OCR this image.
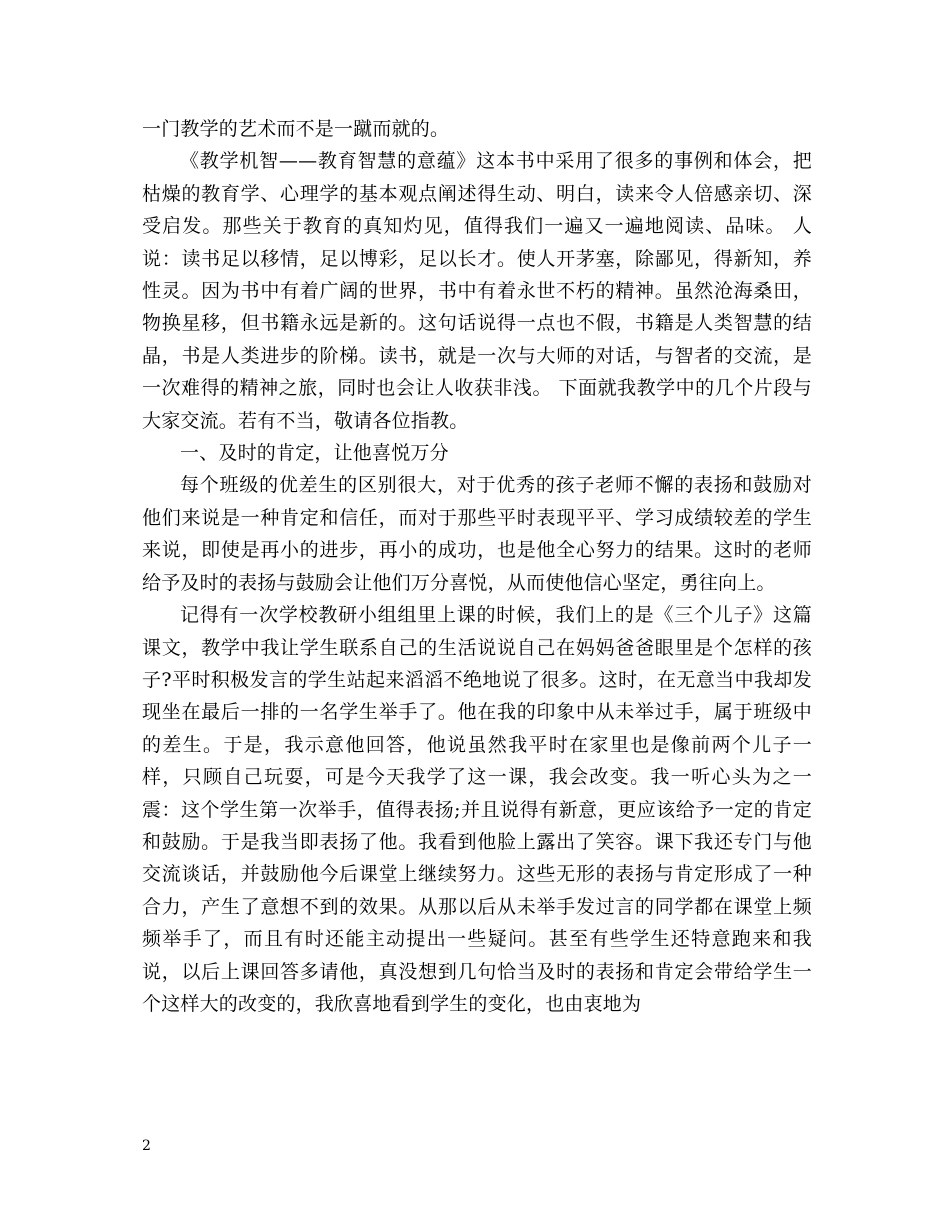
一门教学的艺术而不是一蹴而就的。

《教学机智——教育智慧的意蕴》这本书中采用了很多的事例和体会，把枯燥的教育学、心理学的基本观点阐述得生动、明白，读来令人倍感亲切、深受启发。那些关于教育的真知灼见，值得我们一遍又一遍地阅读、品味。 人说：读书足以移情，足以博彩，足以长才。使人开茅塞，除鄙见，得新知，养性灵。因为书中有着广阔的世界，书中有着永世不朽的精神。虽然沧海桑田，物换星移，但书籍永远是新的。这句话说得一点也不假，书籍是人类智慧的结晶，书是人类进步的阶梯。读书，就是一次与大师的对话，与智者的交流，是一次难得的精神之旅，同时也会让人收获非浅。 下面就我教学中的几个片段与大家交流。若有不当，敬请各位指教。

一、及时的肯定，让他喜悦万分

每个班级的优差生的区别很大，对于优秀的孩子老师不懈的表扬和鼓励对他们来说是一种肯定和信任，而对于那些平时表现平平、学习成绩较差的学生来说，即使是再小的进步，再小的成功，也是他全心努力的结果。这时的老师给予及时的表扬与鼓励会让他们万分喜悦，从而使他信心坚定，勇往向上。

记得有一次学校教研小组组里上课的时候，我们上的是《三个儿子》这篇课文，教学中我让学生联系自己的生活说说自己在妈妈爸爸眼里是个怎样的孩子?平时积极发言的学生站起来滔滔不绝地说了很多。这时，在无意当中我却发现坐在最后一排的一名学生举手了。他在我的印象中从未举过手，属于班级中的差生。于是，我示意他回答，他说虽然我平时在家里也是像前两个儿子一样，只顾自己玩耍，可是今天我学了这一课，我会改变。我一听心头为之一震：这个学生第一次举手，值得表扬;并且说得有新意，更应该给予一定的肯定和鼓励。于是我当即表扬了他。我看到他脸上露出了笑容。课下我还专门与他交流谈话，并鼓励他今后课堂上继续努力。这些无形的表扬与肯定形成了一种合力，产生了意想不到的效果。从那以后从未举手发过言的同学都在课堂上频频举手了，而且有时还能主动提出一些疑问。甚至有些学生还特意跑来和我说，以后上课回答多请他，真没想到几句恰当及时的表扬和肯定会带给学生一个这样大的改变的，我欣喜地看到学生的变化，也由衷地为

2
